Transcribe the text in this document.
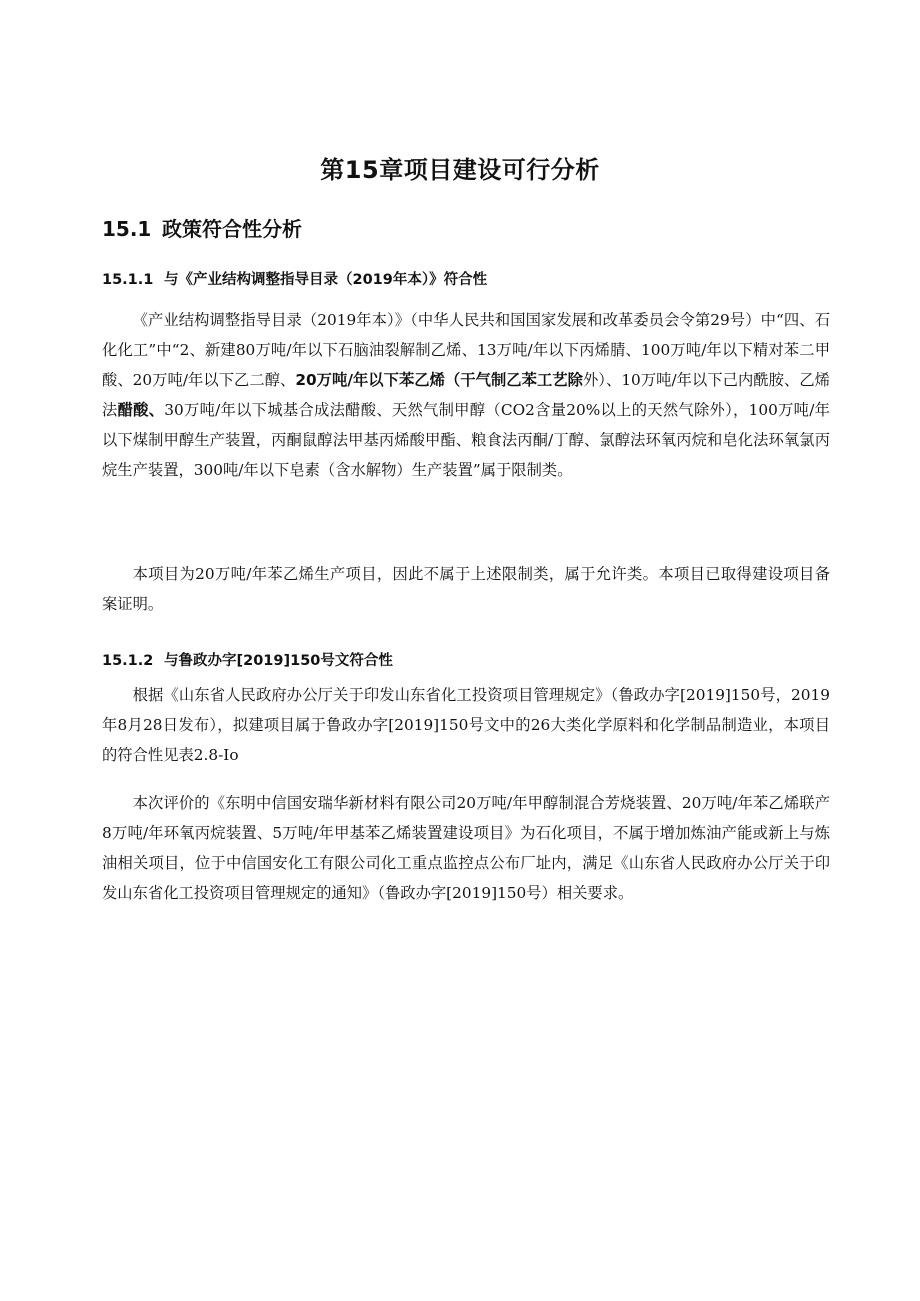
第15章项目建设可行分析
15.1 政策符合性分析
15.1.1 与《产业结构调整指导目录（2019年本）》符合性

《产业结构调整指导目录（2019年本）》（中华人民共和国国家发展和改革委员会令第29号）中“四、石化化工”中“2、新建80万吨/年以下石脑油裂解制乙烯、13万吨/年以下丙烯腈、100万吨/年以下精对苯二甲酸、20万吨/年以下乙二醇、20万吨/年以下苯乙烯（干气制乙苯工艺除外）、10万吨/年以下己内酰胺、乙烯法醋酸、30万吨/年以下城基合成法醋酸、天然气制甲醇（CO2含量20%以上的天然气除外），100万吨/年以下煤制甲醇生产装置，丙酮鼠醇法甲基丙烯酸甲酯、粮食法丙酮/丁醇、氯醇法环氧丙烷和皂化法环氧氯丙烷生产装置，300吨/年以下皂素（含水解物）生产装置”属于限制类。

本项目为20万吨/年苯乙烯生产项目，因此不属于上述限制类，属于允许类。本项目已取得建设项目备案证明。

15.1.2 与鲁政办字[2019]150号文符合性

根据《山东省人民政府办公厅关于印发山东省化工投资项目管理规定》（鲁政办字[2019]150号，2019年8月28日发布），拟建项目属于鲁政办字[2019]150号文中的26大类化学原料和化学制品制造业，本项目的符合性见表2.8-Io

本次评价的《东明中信国安瑞华新材料有限公司20万吨/年甲醇制混合芳烧装置、20万吨/年苯乙烯联产8万吨/年环氧丙烷装置、5万吨/年甲基苯乙烯装置建设项目》为石化项目，不属于增加炼油产能或新上与炼油相关项目，位于中信国安化工有限公司化工重点监控点公布厂址内，满足《山东省人民政府办公厅关于印发山东省化工投资项目管理规定的通知》（鲁政办字[2019]150号）相关要求。
